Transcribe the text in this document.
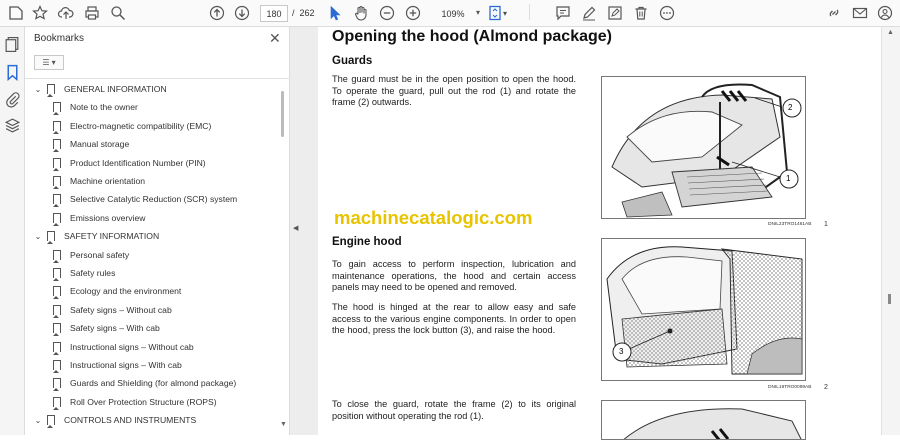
180 / 262	109% ▾	▾
Bookmarks	✕
☰ ▾
⌄	GENERAL INFORMATION
Note to the owner
Electro-magnetic compatibility (EMC)
Manual storage
Product Identification Number (PIN)
Machine orientation
Selective Catalytic Reduction (SCR) system
Emissions overview
⌄	SAFETY INFORMATION
Personal safety
Safety rules
Ecology and the environment
Safety signs – Without cab
Safety signs – With cab
Instructional signs – Without cab
Instructional signs – With cab
Guards and Shielding (for almond package)
Roll Over Protection Structure (ROPS)
⌄	CONTROLS AND INSTRUMENTS	▼
◀
Opening the hood (Almond package)
Guards

The guard must be in the open position to open the hood. To operate the guard, pull out the rod (1) and rotate the frame (2) outwards.

machinecatalogic.com
Engine hood

To gain access to perform inspection, lubrication and maintenance operations, the hood and certain access panels may need to be opened and removed.

The hood is hinged at the rear to allow easy and safe access to the various engine components. In order to open the hood, press the lock button (3), and raise the hood.

To close the guard, rotate the frame (2) to its original position without operating the rod (1).

2
1
DNIL23TRO1461AB 1
3
DNIL19TRO0099AB 2
▲
